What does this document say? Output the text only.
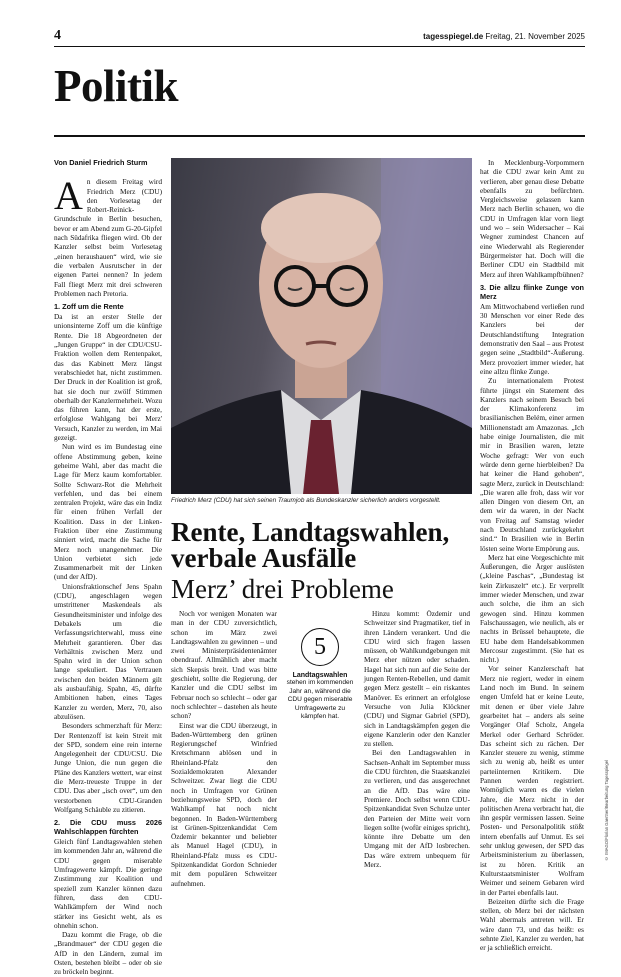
4	tagesspiegel.de Freitag, 21. November 2025
Politik
Von Daniel Friedrich Sturm

An diesem Freitag wird Friedrich Merz (CDU) den Vorlesetag der Robert-Reinick-Grundschule in Berlin besuchen, bevor er am Abend zum G-20-Gipfel nach Südafrika fliegen wird. Ob der Kanzler selbst beim Vorlesetag „einen heraushauen“ wird, wie sie die verbalen Ausrutscher in der eigenen Partei nennen? In jedem Fall fliegt Merz mit drei schweren Problemen nach Pretoria.

1. Zoff um die Rente

Da ist an erster Stelle der unionsinterne Zoff um die künftige Rente. Die 18 Abgeordneten der „Jungen Gruppe“ in der CDU/CSU-Fraktion wollen dem Rentenpaket, das das Kabinett Merz längst verabschiedet hat, nicht zustimmen. Der Druck in der Koalition ist groß, hat sie doch nur zwölf Stimmen oberhalb der Kanzlermehrheit. Wozu das führen kann, hat der erste, erfolglose Wahlgang bei Merz' Versuch, Kanzler zu werden, im Mai gezeigt.

Nun wird es im Bundestag eine offene Abstimmung geben, keine geheime Wahl, aber das macht die Lage für Merz kaum komfortabler. Sollte Schwarz-Rot die Mehrheit verfehlen, und das bei einem zentralen Projekt, wäre das ein Indiz für einen frühen Verfall der Koalition. Dass in der Linken-Fraktion über eine Zustimmung sinniert wird, macht die Sache für Merz noch unangenehmer. Die Union verbietet sich jede Zusammenarbeit mit der Linken (und der AfD).

Unionsfraktionschef Jens Spahn (CDU), angeschlagen wegen umstrittener Maskendeals als Gesundheitsminister und infolge des Debakels um die Verfassungsrichterwahl, muss eine Mehrheit garantieren. Über das Verhältnis zwischen Merz und Spahn wird in der Union schon lange spekuliert. Das Vertrauen zwischen den beiden Männern gilt als ausbaufähig. Spahn, 45, dürfte Ambitionen haben, eines Tages Kanzler zu werden, Merz, 70, also abzulösen.

Besonders schmerzhaft für Merz: Der Rentenzoff ist kein Streit mit der SPD, sondern eine rein interne Angelegenheit der CDU/CSU. Die Junge Union, die nun gegen die Pläne des Kanzlers wettert, war einst die Merz-treueste Truppe in der CDU. Das aber „isch over“, um den verstorbenen CDU-Granden Wolfgang Schäuble zu zitieren.

2. Die CDU muss 2026 Wahlschlappen fürchten

Gleich fünf Landtagswahlen stehen im kommenden Jahr an, während die CDU gegen miserable Umfragewerte kämpft. Die geringe Zustimmung zur Koalition und speziell zum Kanzler können dazu führen, dass den CDU-Wahlkämpfern der Wind noch stärker ins Gesicht weht, als es ohnehin schon.

Dazu kommt die Frage, ob die „Brandmauer“ der CDU gegen die AfD in den Ländern, zumal im Osten, bestehen bleibt – oder ob sie zu bröckeln beginnt.

Friedrich Merz (CDU) hat sich seinen Traumjob als Bundeskanzler sicherlich anders vorgestellt.
Rente, Landtagswahlen, verbale Ausfälle
Merz’ drei Probleme

Noch vor wenigen Monaten war man in der CDU zuversichtlich, schon im März zwei Landtagswahlen zu gewinnen – und zwei Ministerpräsidentenämter obendrauf. Allmählich aber macht sich Skepsis breit. Und was bitte geschieht, sollte die Regierung, der Kanzler und die CDU selbst im Februar noch so schlecht – oder gar noch schlechter – dastehen als heute schon?

Einst war die CDU überzeugt, in Baden-Württemberg den grünen Regierungschef Winfried Kretschmann ablösen und in Rheinland-Pfalz den Sozialdemokraten Alexander Schweitzer. Zwar liegt die CDU noch in Umfragen vor Grünen beziehungsweise SPD, doch der Wahlkampf hat noch nicht begonnen. In Baden-Württemberg ist Grünen-Spitzenkandidat Cem Özdemir bekannter und beliebter als Manuel Hagel (CDU), in Rheinland-Pfalz muss es CDU-Spitzenkandidat Gordon Schnieder mit dem populären Schweitzer aufnehmen.

5
Landtagswahlen
stehen im kommenden Jahr an, während die CDU gegen miserable Umfragewerte zu kämpfen hat.

Hinzu kommt: Özdemir und Schweitzer sind Pragmatiker, tief in ihren Ländern verankert. Und die CDU wird sich fragen lassen müssen, ob Wahlkundgebungen mit Merz eher nützen oder schaden. Hagel hat sich nun auf die Seite der jungen Renten-Rebellen, und damit gegen Merz gestellt – ein riskantes Manöver. Es erinnert an erfolglose Versuche von Julia Klöckner (CDU) und Sigmar Gabriel (SPD), sich in Landtagskämpfen gegen die eigene Kanzlerin oder den Kanzler zu stellen.

Bei den Landtagswahlen in Sachsen-Anhalt im September muss die CDU fürchten, die Staatskanzlei zu verlieren, und das ausgerechnet an die AfD. Das wäre eine Premiere. Doch selbst wenn CDU-Spitzenkandidat Sven Schulze unter den Parteien der Mitte weit vorn liegen sollte (wofür einiges spricht), könnte ihre Debatte um den Umgang mit der AfD losbrechen. Das wäre extrem unbequem für Merz.

In Mecklenburg-Vorpommern hat die CDU zwar kein Amt zu verlieren, aber genau diese Debatte ebenfalls zu befürchten. Vergleichsweise gelassen kann Merz nach Berlin schauen, wo die CDU in Umfragen klar vorn liegt und wo – sein Widersacher – Kai Wegner zumindest Chancen auf eine Wiederwahl als Regierender Bürgermeister hat. Doch will die Berliner CDU ein Stadtbild mit Merz auf ihren Wahlkampfbühnen?

3. Die allzu flinke Zunge von Merz

Am Mittwochabend verließen rund 30 Menschen vor einer Rede des Kanzlers bei der Deutschlandstiftung Integration demonstrativ den Saal – aus Protest gegen seine „Stadtbild“-Äußerung. Merz provoziert immer wieder, hat eine allzu flinke Zunge.

Zu internationalem Protest führte jüngst ein Statement des Kanzlers nach seinem Besuch bei der Klimakonferenz im brasilianischen Belém, einer armen Millionenstadt am Amazonas. „Ich habe einige Journalisten, die mit mir in Brasilien waren, letzte Woche gefragt: Wer von euch würde denn gerne hierbleiben? Da hat keiner die Hand gehoben“, sagte Merz, zurück in Deutschland: „Die waren alle froh, dass wir vor allen Dingen von diesem Ort, an dem wir da waren, in der Nacht von Freitag auf Samstag wieder nach Deutschland zurückgekehrt sind.“ In Brasilien wie in Berlin lösten seine Worte Empörung aus.

Merz hat eine Vorgeschichte mit Äußerungen, die Ärger auslösten („kleine Paschas“, „Bundestag ist kein Zirkuszelt“ etc.). Er verprellt immer wieder Menschen, und zwar auch solche, die ihm an sich gewogen sind. Hinzu kommen Falschaussagen, wie neulich, als er nachts in Brüssel behauptete, die EU habe dem Handelsabkommen Mercosur zugestimmt. (Sie hat es nicht.)

Vor seiner Kanzlerschaft hat Merz nie regiert, weder in einem Land noch im Bund. In seinem engen Umfeld hat er keine Leute, mit denen er über viele Jahre gearbeitet hat – anders als seine Vorgänger Olaf Scholz, Angela Merkel oder Gerhard Schröder. Das scheint sich zu rächen. Der Kanzler steuere zu wenig, stimme sich zu wenig ab, heißt es unter parteiinternen Kritikern. Die Pannen werden registriert. Womöglich waren es die vielen Jahre, die Merz nicht in der politischen Arena verbracht hat, die ihn gespür vermissen lassen. Seine Posten- und Personalpolitik stößt intern ebenfalls auf Unmut. Es sei sehr unklug gewesen, der SPD das Arbeitsministerium zu überlassen, ist zu hören. Kritik an Kulturstaatsminister Wolfram Weimer und seinem Gebaren wird in der Partei ebenfalls laut.

Beizeiten dürfte sich die Frage stellen, ob Merz bei der nächsten Wahl abermals antreten will. Er wäre dann 73, und das heißt: es sehnte Ziel, Kanzler zu werden, hat er ja schließlich erreicht.

© IMAGO/Florian Gaertner/Bearbeitung Tagesspiegel
